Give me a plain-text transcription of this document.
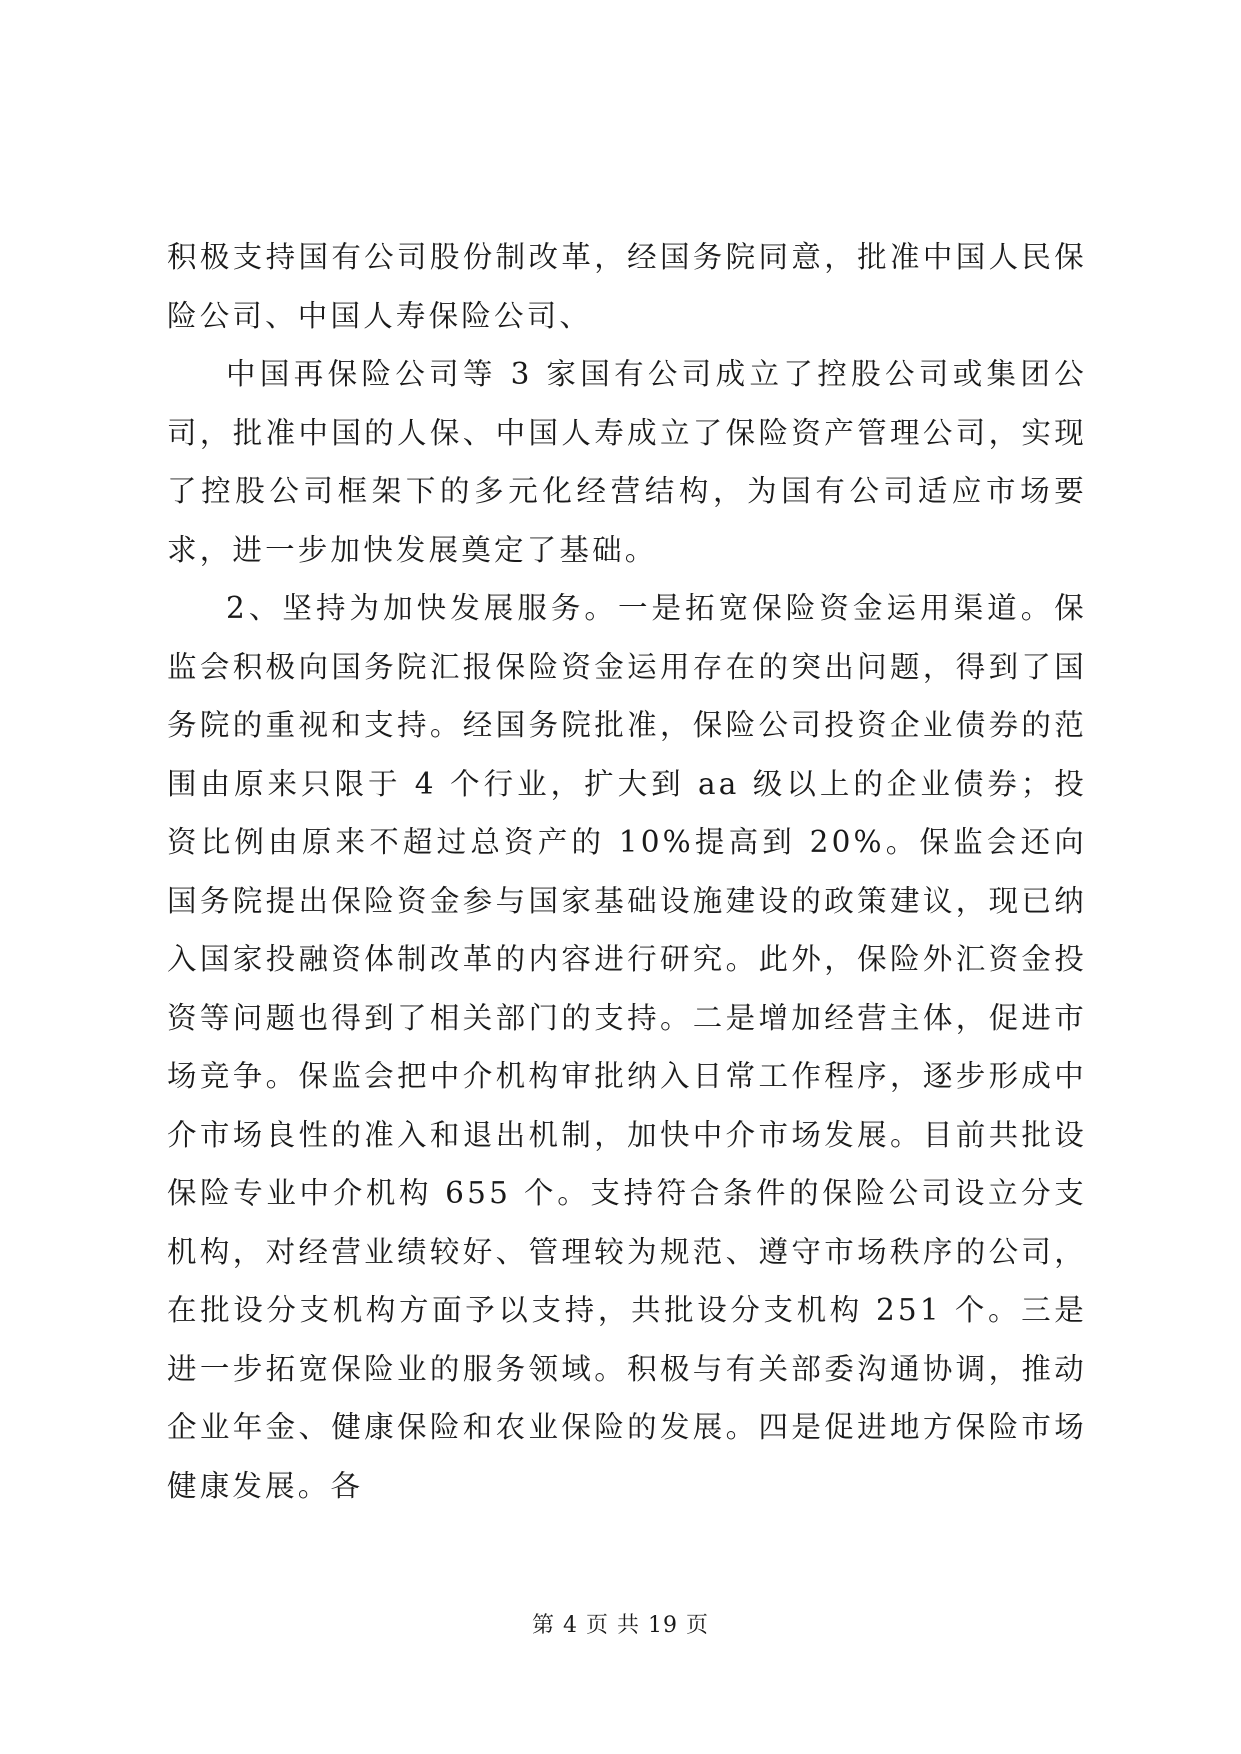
积极支持国有公司股份制改革，经国务院同意，批准中国人民保险公司、中国人寿保险公司、

中国再保险公司等 3 家国有公司成立了控股公司或集团公司，批准中国的人保、中国人寿成立了保险资产管理公司，实现了控股公司框架下的多元化经营结构，为国有公司适应市场要求，进一步加快发展奠定了基础。

2、坚持为加快发展服务。一是拓宽保险资金运用渠道。保监会积极向国务院汇报保险资金运用存在的突出问题，得到了国务院的重视和支持。经国务院批准，保险公司投资企业债券的范围由原来只限于 4 个行业，扩大到 aa 级以上的企业债券；投资比例由原来不超过总资产的 10%提高到 20%。保监会还向国务院提出保险资金参与国家基础设施建设的政策建议，现已纳入国家投融资体制改革的内容进行研究。此外，保险外汇资金投资等问题也得到了相关部门的支持。二是增加经营主体，促进市场竞争。保监会把中介机构审批纳入日常工作程序，逐步形成中介市场良性的准入和退出机制，加快中介市场发展。目前共批设保险专业中介机构 655 个。支持符合条件的保险公司设立分支机构，对经营业绩较好、管理较为规范、遵守市场秩序的公司，在批设分支机构方面予以支持，共批设分支机构 251 个。三是进一步拓宽保险业的服务领域。积极与有关部委沟通协调，推动企业年金、健康保险和农业保险的发展。四是促进地方保险市场健康发展。各

第 4 页 共 19 页
